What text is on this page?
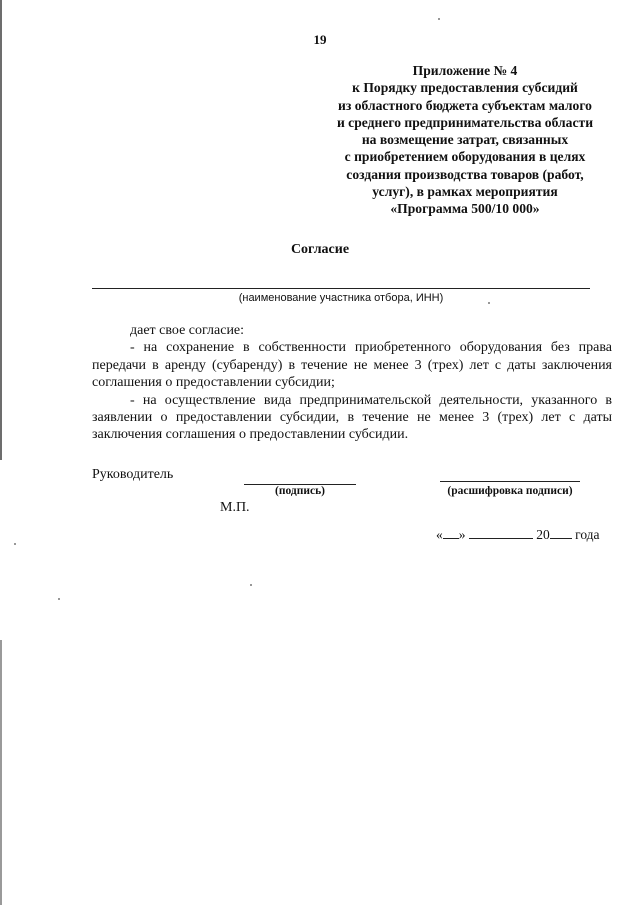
19
Приложение № 4
к Порядку предоставления субсидий
из областного бюджета субъектам малого
и среднего предпринимательства области
на возмещение затрат, связанных
с приобретением оборудования в целях
создания производства товаров (работ,
услуг), в рамках мероприятия
«Программа 500/10 000»
Согласие
(наименование участника отбора, ИНН)

дает свое согласие:

- на сохранение в собственности приобретенного оборудования без права передачи в аренду (субаренду) в течение не менее 3 (трех) лет с даты заключения соглашения о предоставлении субсидии;

- на осуществление вида предпринимательской деятельности, указанного в заявлении о предоставлении субсидии, в течение не менее 3 (трех) лет с даты заключения соглашения о предоставлении субсидии.

Руководитель
(подпись)	(расшифровка подписи)
М.П.
« »	20 года
